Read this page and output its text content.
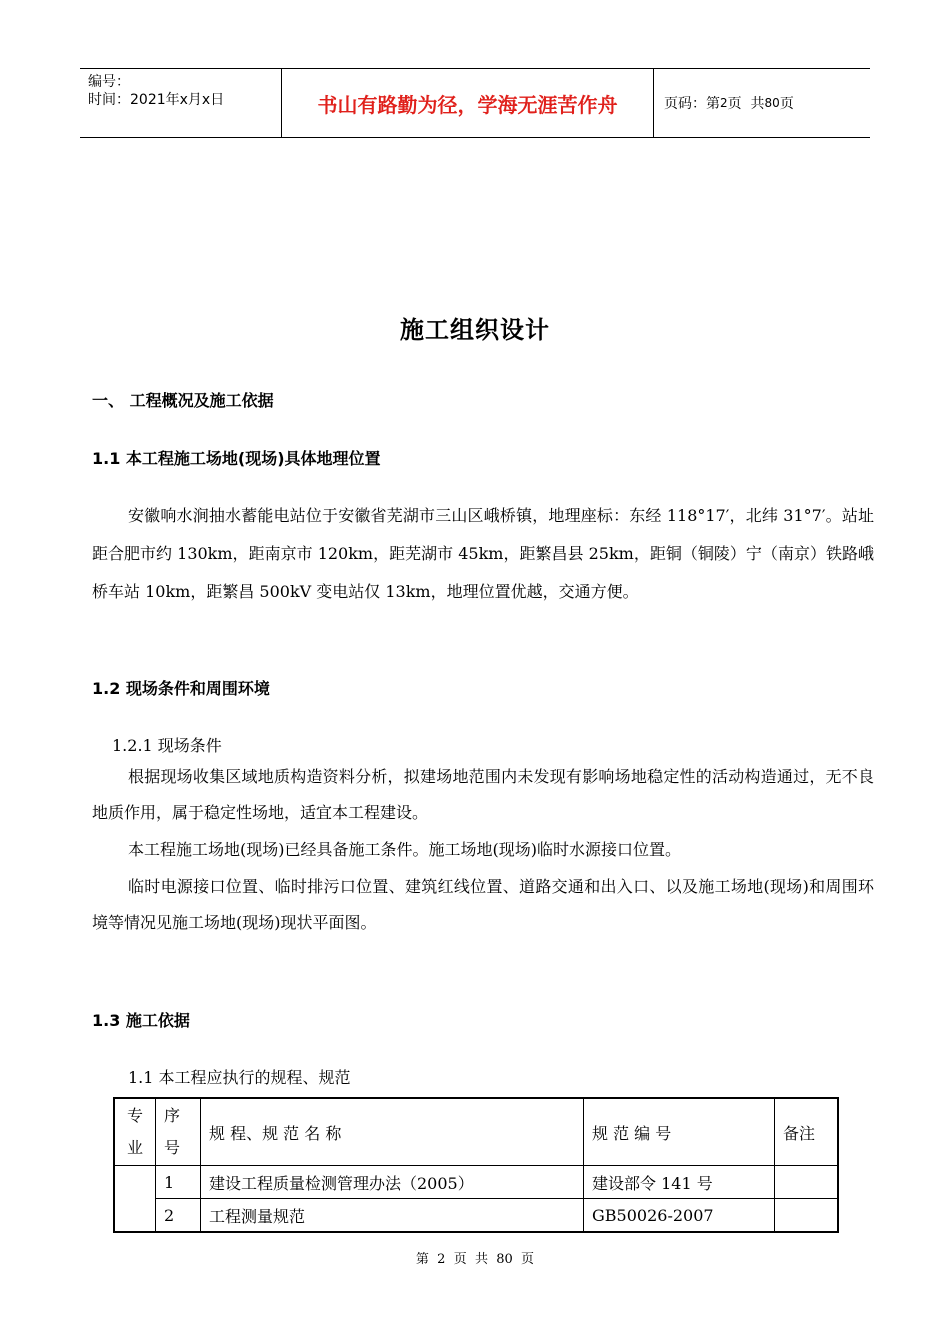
编号：
时间：2021年x月x日	书山有路勤为径，学海无涯苦作舟	页码：第 2 页  共 80 页
施工组织设计
一、 工程概况及施工依据
1.1 本工程施工场地(现场)具体地理位置
安徽响水涧抽水蓄能电站位于安徽省芜湖市三山区峨桥镇，地理座标：东经 118°17′，北纬 31°7′。站址距合肥市约 130km，距南京市 120km，距芜湖市 45km，距繁昌县 25km，距铜（铜陵）宁（南京）铁路峨桥车站 10km，距繁昌 500kV 变电站仅 13km，地理位置优越，交通方便。
1.2 现场条件和周围环境
1.2.1 现场条件
根据现场收集区域地质构造资料分析，拟建场地范围内未发现有影响场地稳定性的活动构造通过，无不良地质作用，属于稳定性场地，适宜本工程建设。
本工程施工场地(现场)已经具备施工条件。施工场地(现场)临时水源接口位置。
临时电源接口位置、临时排污口位置、建筑红线位置、道路交通和出入口、以及施工场地(现场)和周围环境等情况见施工场地(现场)现状平面图。
1.3 施工依据
1.1 本工程应执行的规程、规范
专业	序号	规 程、规 范 名 称	规 范 编 号	备注
	1	建设工程质量检测管理办法（2005）	建设部令 141 号	
	2	工程测量规范	GB50026-2007	
第  2  页  共  80  页
